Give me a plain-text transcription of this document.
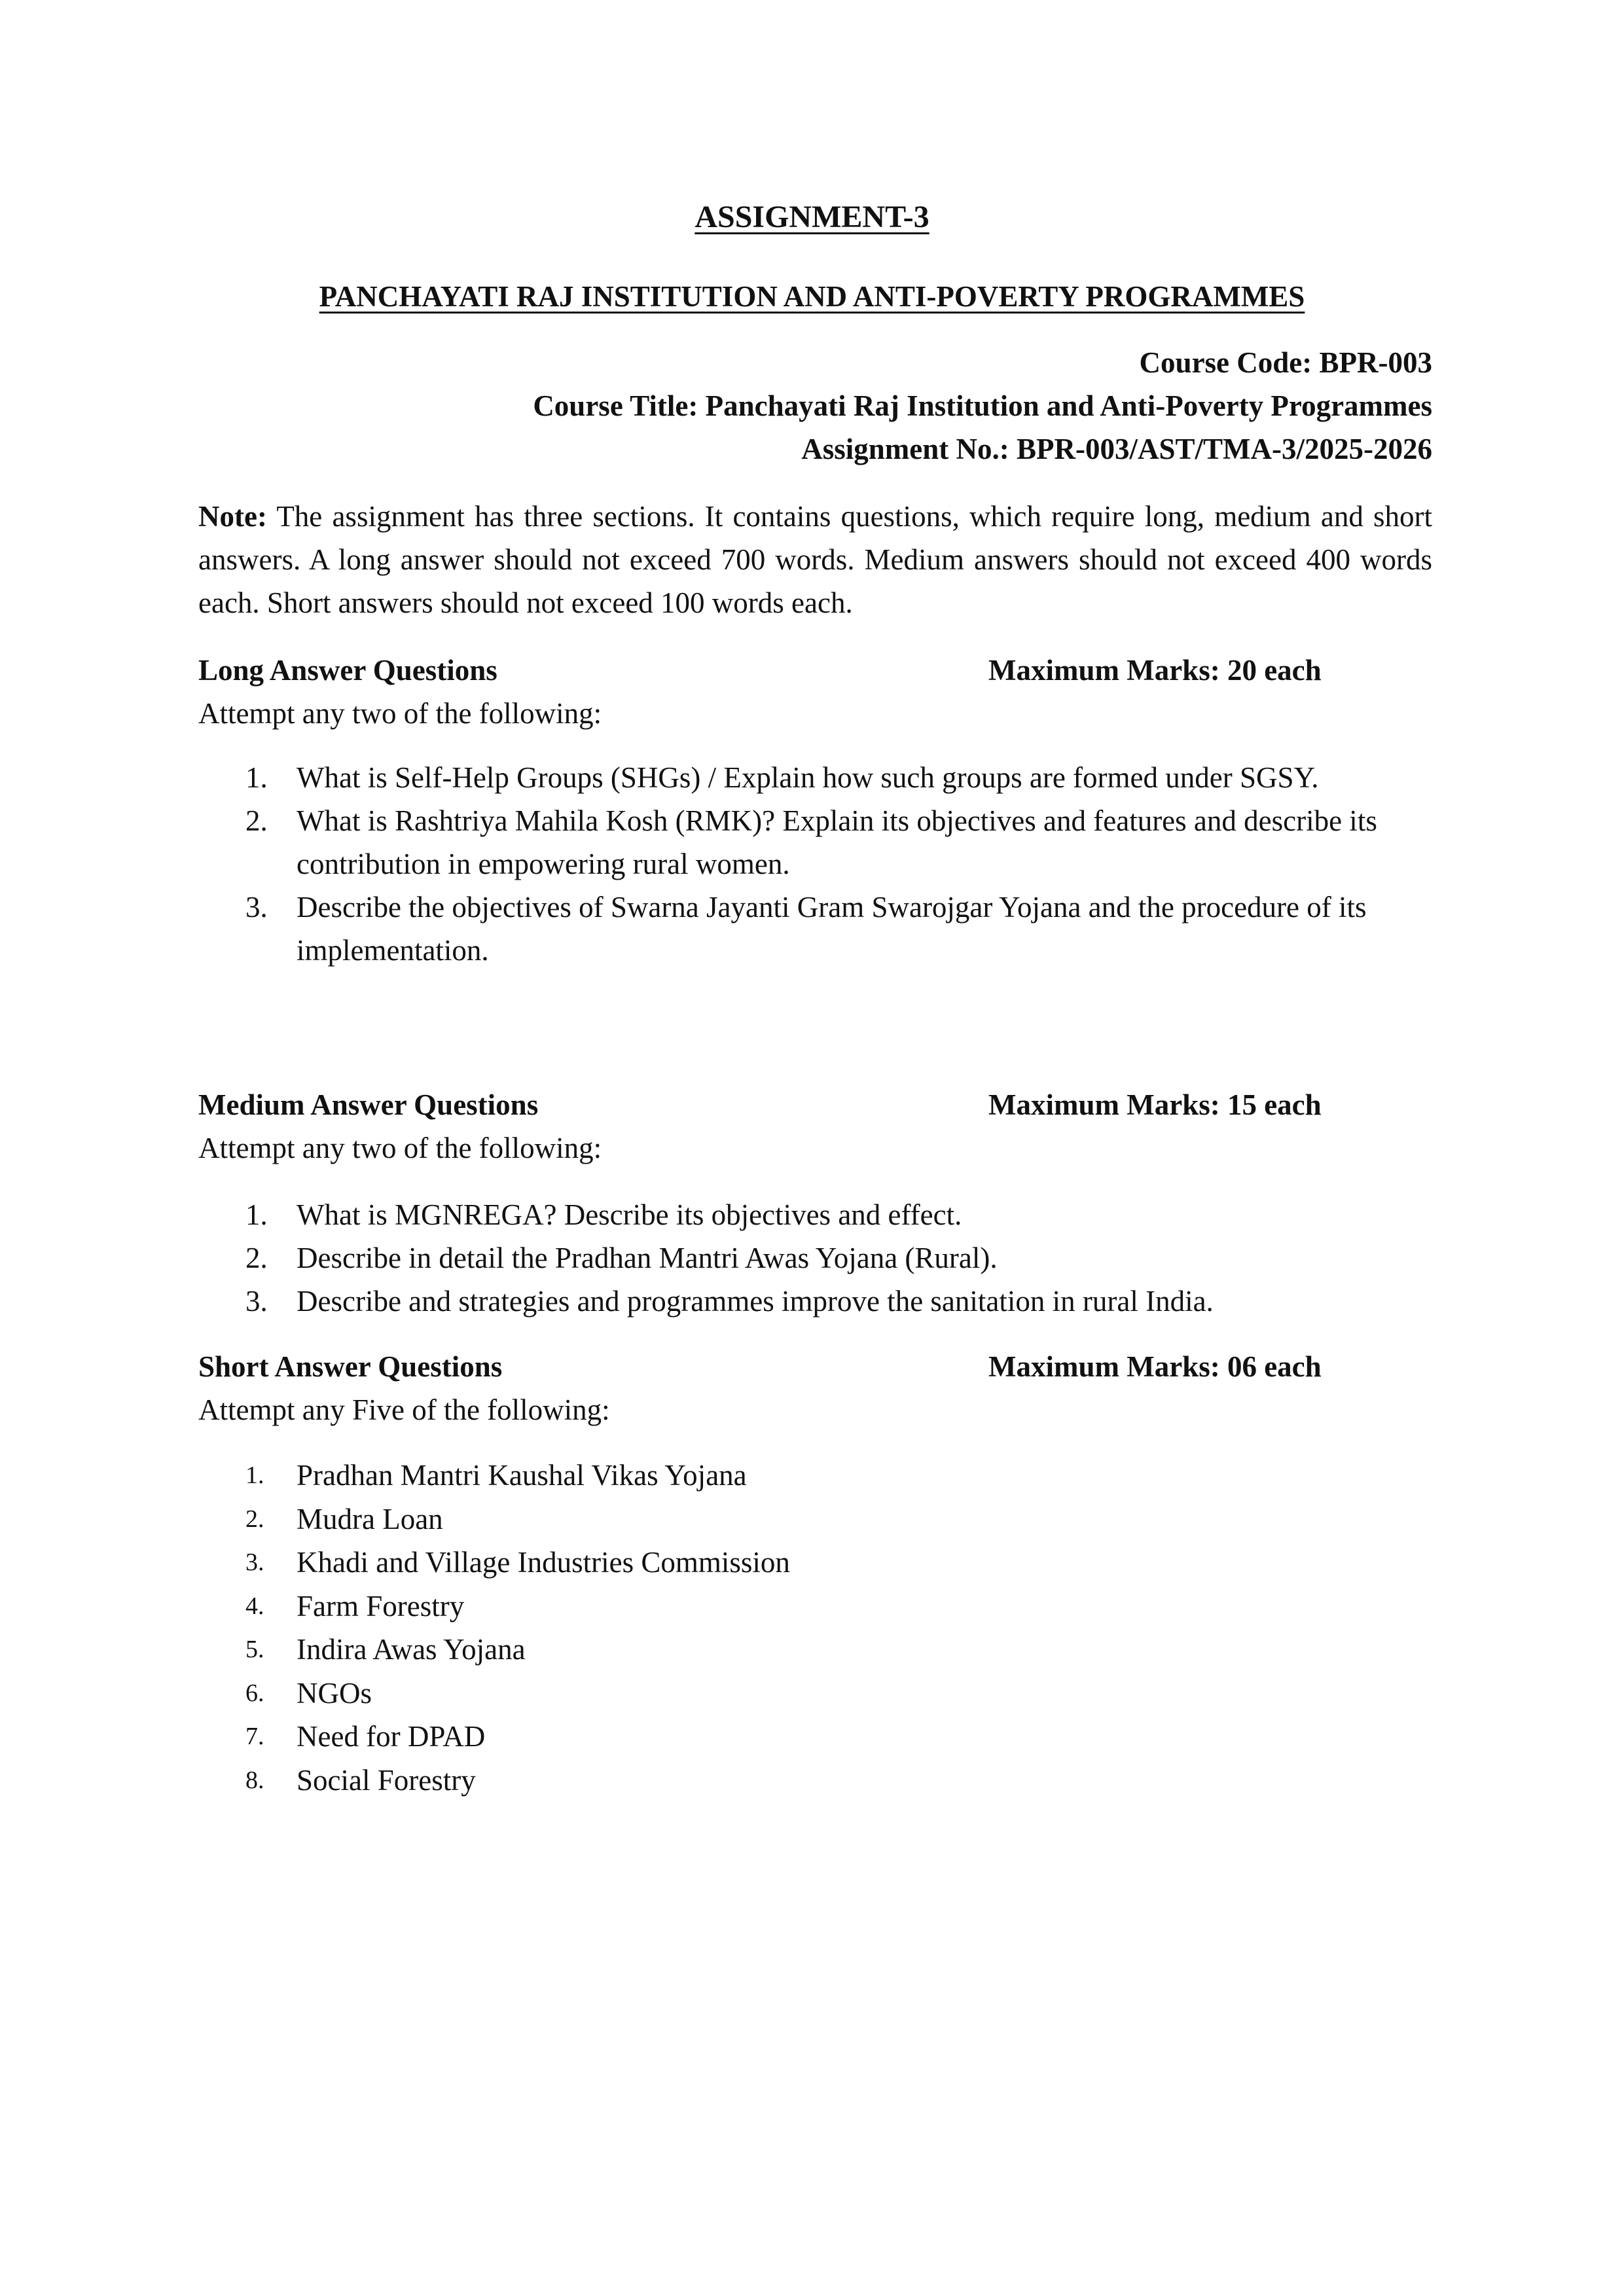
ASSIGNMENT-3
PANCHAYATI RAJ INSTITUTION AND ANTI-POVERTY PROGRAMMES
Course Code: BPR-003
Course Title: Panchayati Raj Institution and Anti-Poverty Programmes
Assignment No.: BPR-003/AST/TMA-3/2025-2026
Note: The assignment has three sections. It contains questions, which require long, medium and short answers. A long answer should not exceed 700 words. Medium answers should not exceed 400 words each. Short answers should not exceed 100 words each.
Long Answer Questions	Maximum Marks: 20 each
Attempt any two of the following:
1. What is Self-Help Groups (SHGs) / Explain how such groups are formed under SGSY.
2. What is Rashtriya Mahila Kosh (RMK)? Explain its objectives and features and describe its contribution in empowering rural women.
3. Describe the objectives of Swarna Jayanti Gram Swarojgar Yojana and the procedure of its implementation.
Medium Answer Questions	Maximum Marks: 15 each
Attempt any two of the following:
1. What is MGNREGA? Describe its objectives and effect.
2. Describe in detail the Pradhan Mantri Awas Yojana (Rural).
3. Describe and strategies and programmes improve the sanitation in rural India.
Short Answer Questions	Maximum Marks: 06 each
Attempt any Five of the following:
1.	Pradhan Mantri Kaushal Vikas Yojana
2.	Mudra Loan
3.	Khadi and Village Industries Commission
4.	Farm Forestry
5.	Indira Awas Yojana
6.	NGOs
7.	Need for DPAD
8.	Social Forestry
